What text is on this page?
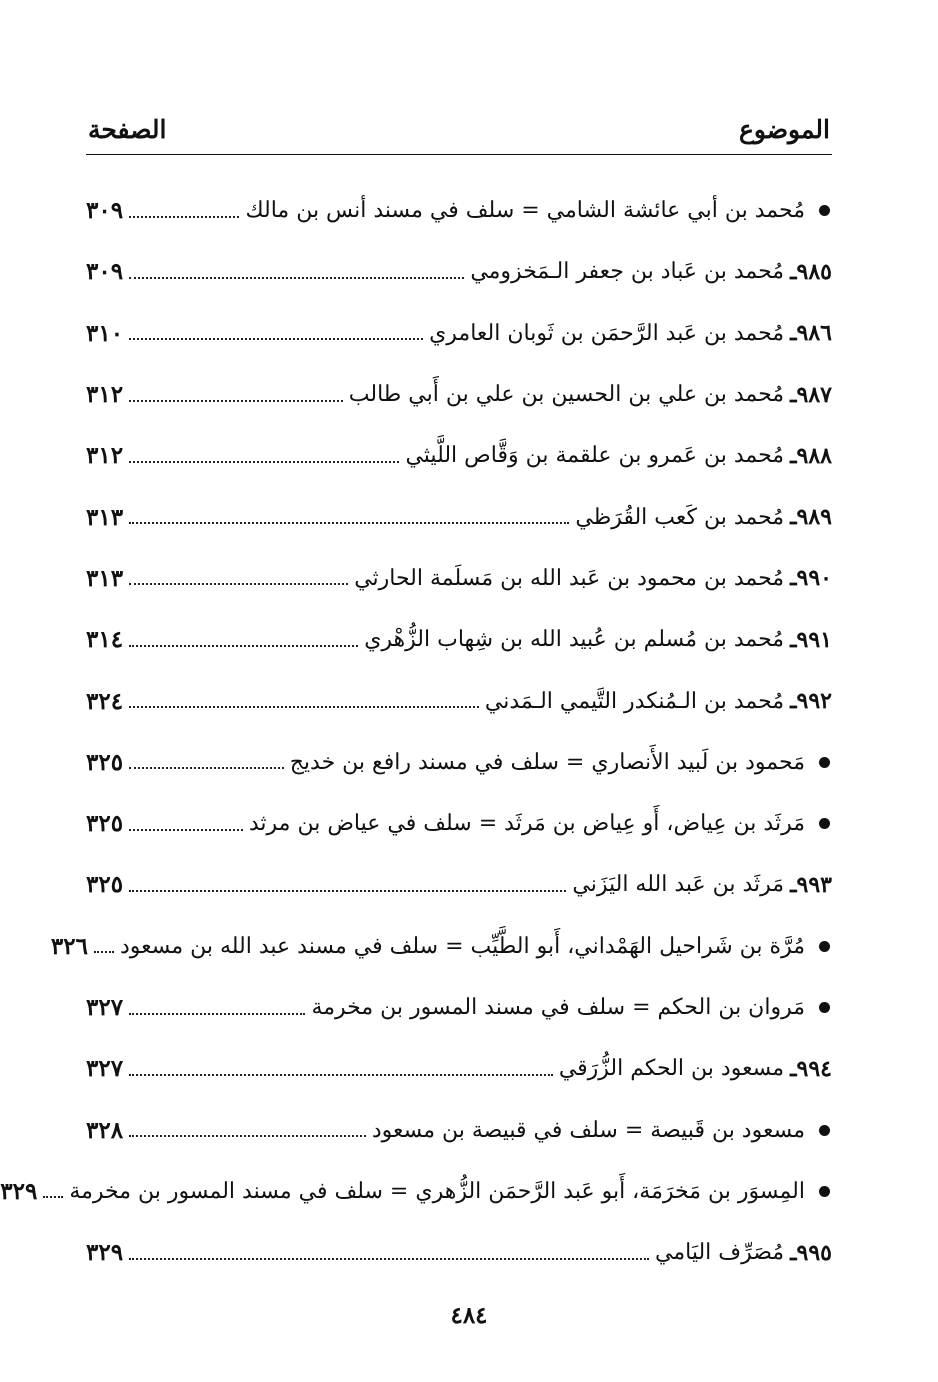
الموضوع
الصفحة
مُحمد بن أبي عائشة الشامي = سلف في مسند أنس بن مالك
٣٠٩
٩٨٥ـ
مُحمد بن عَباد بن جعفر الـمَخزومي
٣٠٩
٩٨٦ـ
مُحمد بن عَبد الرَّحمَن بن ثَوبان العامري
٣١٠
٩٨٧ـ
مُحمد بن علي بن الحسين بن علي بن أَبي طالب
٣١٢
٩٨٨ـ
مُحمد بن عَمرو بن علقمة بن وَقَّاص اللَّيثي
٣١٢
٩٨٩ـ
مُحمد بن كَعب القُرَظي
٣١٣
٩٩٠ـ
مُحمد بن محمود بن عَبد الله بن مَسلَمة الحارثي
٣١٣
٩٩١ـ
مُحمد بن مُسلم بن عُبيد الله بن شِهاب الزُّهْري
٣١٤
٩٩٢ـ
مُحمد بن الـمُنكدر التَّيمي الـمَدني
٣٢٤
مَحمود بن لَبيد الأَنصاري = سلف في مسند رافع بن خديج
٣٢٥
مَرثَد بن عِياض، أَو عِياض بن مَرثَد = سلف في عياض بن مرثد
٣٢٥
٩٩٣ـ
مَرثَد بن عَبد الله اليَزَني
٣٢٥
مُرَّة بن شَراحيل الهَمْداني، أَبو الطَّيِّب = سلف في مسند عبد الله بن مسعود
٣٢٦
مَروان بن الحكم = سلف في مسند المسور بن مخرمة
٣٢٧
٩٩٤ـ
مسعود بن الحكم الزُّرَقي
٣٢٧
مسعود بن قَبيصة = سلف في قبيصة بن مسعود
٣٢٨
المِسوَر بن مَخرَمَة، أَبو عَبد الرَّحمَن الزُّهري = سلف في مسند المسور بن مخرمة
٣٢٩
٩٩٥ـ
مُصَرِّف اليَامي
٣٢٩
٤٨٤
